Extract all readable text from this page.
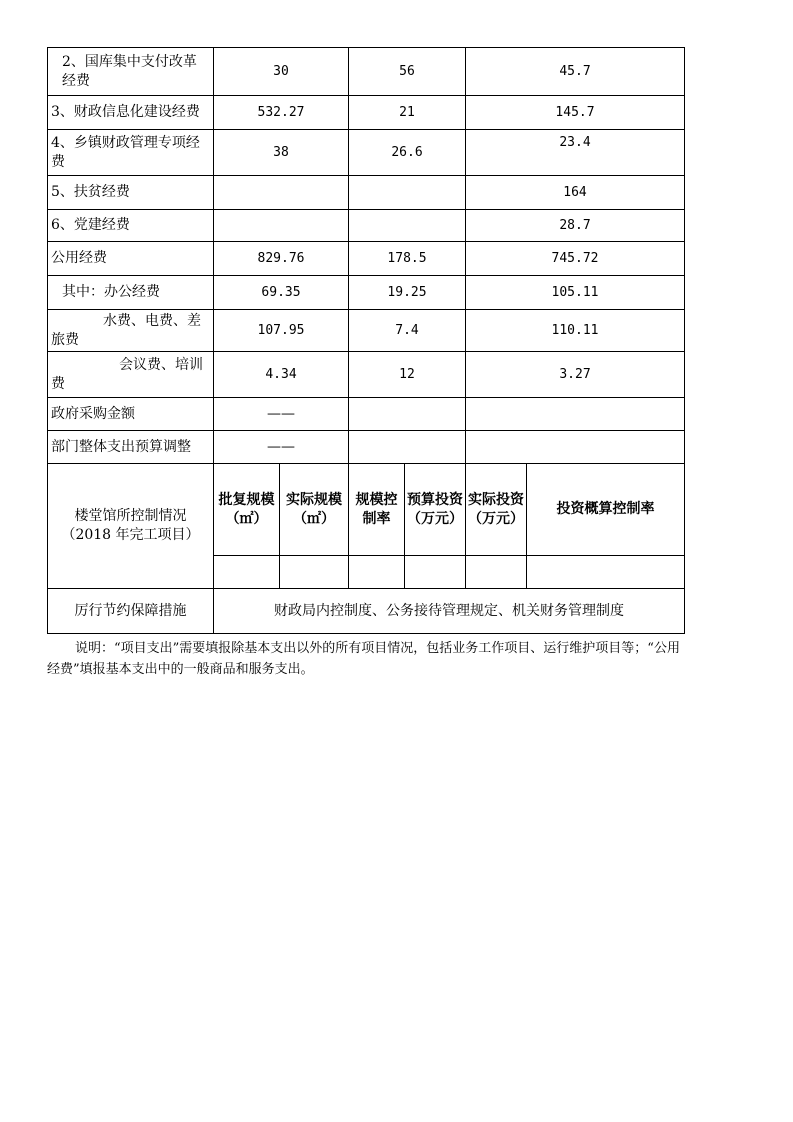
2、国库集中支付改革经费	30		56		45.7	
3、财政信息化建设经费	532.27		21		145.7	
4、乡镇财政管理专项经费	38		26.6		23.4	
5、扶贫经费					164	
6、党建经费					28.7	
公用经费	829.76		178.5		745.72	
其中：办公经费	69.35		19.25		105.11	
水费、电费、差旅费	107.95		7.4		110.11	
会议费、培训费	4.34		12		3.27	
政府采购金额	——					
部门整体支出预算调整	——					
楼堂馆所控制情况（2018 年完工项目）	批复规模（㎡）	实际规模（㎡）	规模控制率	预算投资（万元）	实际投资（万元）	投资概算控制率

厉行节约保障措施	财政局内控制度、公务接待管理规定、机关财务管理制度					
说明：“项目支出”需要填报除基本支出以外的所有项目情况，包括业务工作项目、运行维护项目等；“公用经费”填报基本支出中的一般商品和服务支出。
